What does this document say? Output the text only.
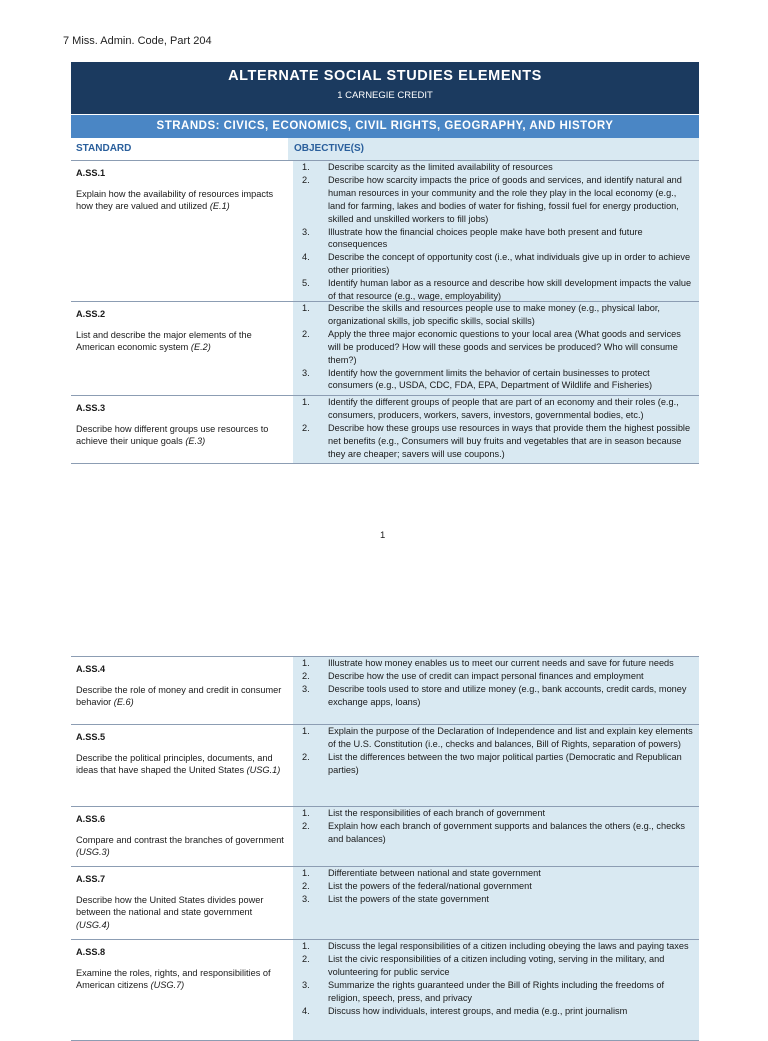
7 Miss. Admin. Code, Part 204
ALTERNATE SOCIAL STUDIES ELEMENTS
1 CARNEGIE CREDIT
STRANDS: CIVICS, ECONOMICS, CIVIL RIGHTS, GEOGRAPHY, AND HISTORY
STANDARD	OBJECTIVE(S)
A.SS.1
Explain how the availability of resources impacts how they are valued and utilized (E.1)
1.	Describe scarcity as the limited availability of resources
2.	Describe how scarcity impacts the price of goods and services, and identify natural and human resources in your community and the role they play in the local economy (e.g., land for farming, lakes and bodies of water for fishing, fossil fuel for energy production, skilled and unskilled workers to fill jobs)
3.	Illustrate how the financial choices people make have both present and future consequences
4.	Describe the concept of opportunity cost (i.e., what individuals give up in order to achieve other priorities)
5.	Identify human labor as a resource and describe how skill development impacts the value of that resource (e.g., wage, employability)
A.SS.2
List and describe the major elements of the American economic system (E.2)
1.	Describe the skills and resources people use to make money (e.g., physical labor, organizational skills, job specific skills, social skills)
2.	Apply the three major economic questions to your local area (What goods and services will be produced? How will these goods and services be produced? Who will consume them?)
3.	Identify how the government limits the behavior of certain businesses to protect consumers (e.g., USDA, CDC, FDA, EPA, Department of Wildlife and Fisheries)
A.SS.3
Describe how different groups use resources to achieve their unique goals (E.3)
1.	Identify the different groups of people that are part of an economy and their roles (e.g., consumers, producers, workers, savers, investors, governmental bodies, etc.)
2.	Describe how these groups use resources in ways that provide them the highest possible net benefits (e.g., Consumers will buy fruits and vegetables that are in season because they are cheaper; savers will use coupons.)
1
A.SS.4
Describe the role of money and credit in consumer behavior (E.6)
1.	Illustrate how money enables us to meet our current needs and save for future needs
2.	Describe how the use of credit can impact personal finances and employment
3.	Describe tools used to store and utilize money (e.g., bank accounts, credit cards, money exchange apps, loans)
A.SS.5
Describe the political principles, documents, and ideas that have shaped the United States (USG.1)
1.	Explain the purpose of the Declaration of Independence and list and explain key elements of the U.S. Constitution (i.e., checks and balances, Bill of Rights, separation of powers)
2.	List the differences between the two major political parties (Democratic and Republican parties)
A.SS.6
Compare and contrast the branches of government (USG.3)
1.	List the responsibilities of each branch of government
2.	Explain how each branch of government supports and balances the others (e.g., checks and balances)
A.SS.7
Describe how the United States divides power between the national and state government (USG.4)
1.	Differentiate between national and state government
2.	List the powers of the federal/national government
3.	List the powers of the state government
A.SS.8
Examine the roles, rights, and responsibilities of American citizens (USG.7)
1.	Discuss the legal responsibilities of a citizen including obeying the laws and paying taxes
2.	List the civic responsibilities of a citizen including voting, serving in the military, and volunteering for public service
3.	Summarize the rights guaranteed under the Bill of Rights including the freedoms of religion, speech, press, and privacy
4.	Discuss how individuals, interest groups, and media (e.g., print journalism
